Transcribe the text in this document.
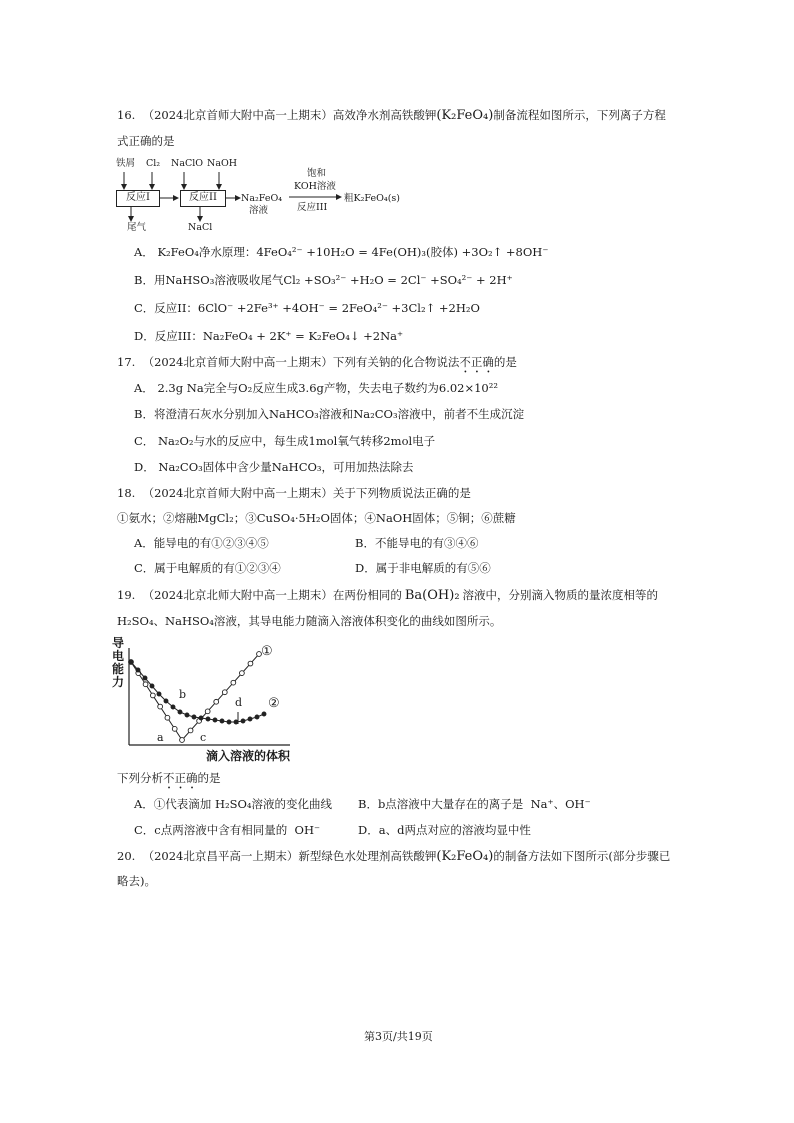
16.  （2024北京首师大附中高一上期末）高效净水剂高铁酸钾(K₂FeO₄)制备流程如图所示，下列离子方程
式正确的是
铁屑 Cl₂ NaClO NaOH
反应I	反应II
尾气	NaCl
Na₂FeO₄
溶液
饱和
KOH溶液
反应III
粗K₂FeO₄(s)
A． K₂FeO₄净水原理：4FeO₄²⁻ +10H₂O = 4Fe(OH)₃(胶体) +3O₂↑ +8OH⁻
B．用NaHSO₃溶液吸收尾气Cl₂ +SO₃²⁻ +H₂O = 2Cl⁻ +SO₄²⁻ + 2H⁺
C．反应II：6ClO⁻ +2Fe³⁺ +4OH⁻ = 2FeO₄²⁻ +3Cl₂↑ +2H₂O
D．反应III：Na₂FeO₄ + 2K⁺ = K₂FeO₄↓ +2Na⁺
17.  （2024北京首师大附中高一上期末）下列有关钠的化合物说法不正确的是
A． 2.3g Na完全与O₂反应生成3.6g产物，失去电子数约为6.02×10²²
B．将澄清石灰水分别加入NaHCO₃溶液和Na₂CO₃溶液中，前者不生成沉淀
C． Na₂O₂与水的反应中，每生成1mol氧气转移2mol电子
D． Na₂CO₃固体中含少量NaHCO₃，可用加热法除去
18.  （2024北京首师大附中高一上期末）关于下列物质说法正确的是
①氨水；②熔融MgCl₂；③CuSO₄·5H₂O固体；④NaOH固体；⑤铜；⑥蔗糖
A．能导电的有①②③④⑤	B．不能导电的有③④⑥
C．属于电解质的有①②③④	D．属于非电解质的有⑤⑥
19.  （2024北京北师大附中高一上期末）在两份相同的 Ba(OH)₂ 溶液中，分别滴入物质的量浓度相等的
H₂SO₄、NaHSO₄溶液，其导电能力随滴入溶液体积变化的曲线如图所示。
导
电
能
力
①
②
a
b
c
d
滴入溶液的体积
下列分析不正确的是
A．①代表滴加 H₂SO₄溶液的变化曲线 B．b点溶液中大量存在的离子是  Na⁺、OH⁻
C．c点两溶液中含有相同量的  OH⁻	D．a、d两点对应的溶液均显中性
20.  （2024北京昌平高一上期末）新型绿色水处理剂高铁酸钾(K₂FeO₄)的制备方法如下图所示(部分步骤已
略去)。
第3页/共19页
